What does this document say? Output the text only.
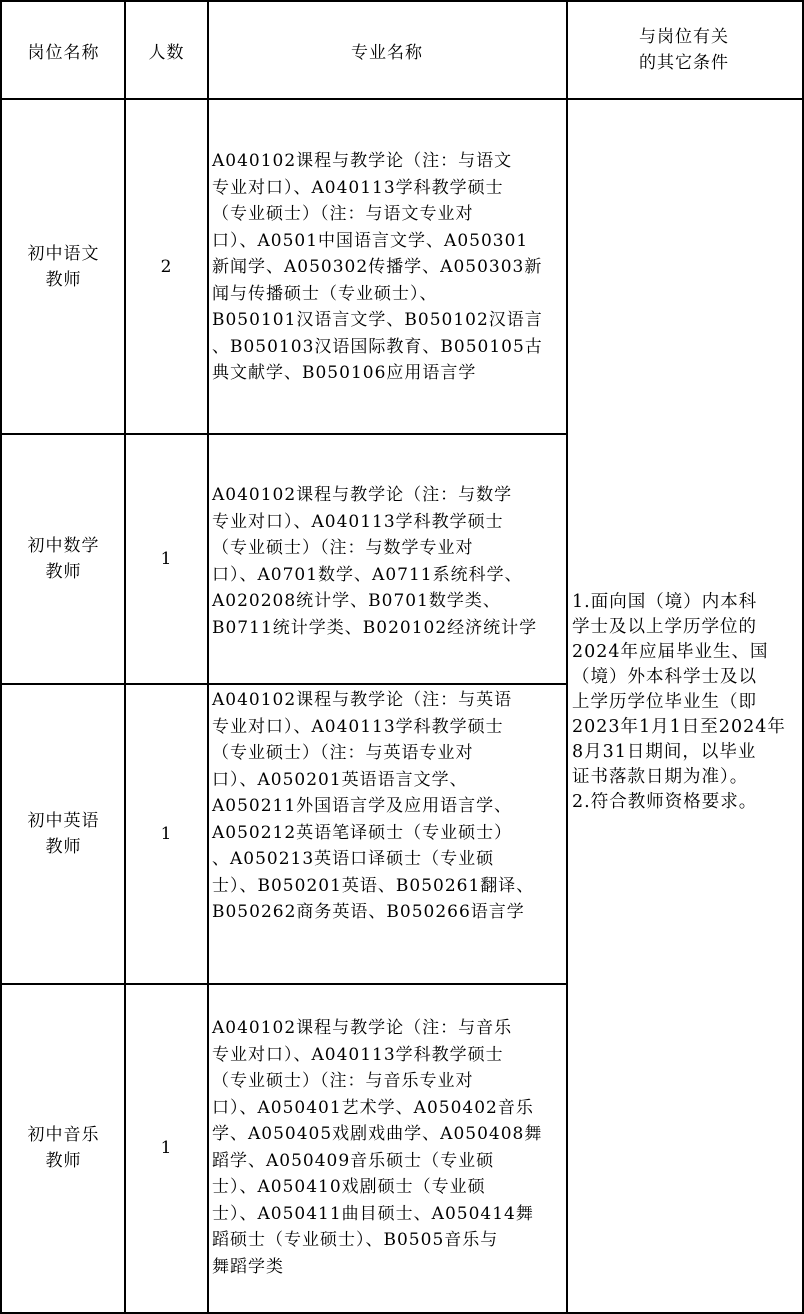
岗位名称	人数	专业名称
与岗位有关
的其它条件
初中语文
教师
2
A040102课程与教学论（注：与语文
专业对口）、A040113学科教学硕士
（专业硕士）（注：与语文专业对
口）、A0501中国语言文学、A050301
新闻学、A050302传播学、A050303新
闻与传播硕士（专业硕士）、
B050101汉语言文学、B050102汉语言
、B050103汉语国际教育、B050105古
典文献学、B050106应用语言学
初中数学
教师
1
A040102课程与教学论（注：与数学
专业对口）、A040113学科教学硕士
（专业硕士）（注：与数学专业对
口）、A0701数学、A0711系统科学、
A020208统计学、B0701数学类、
B0711统计学类、B020102经济统计学
初中英语
教师
1
A040102课程与教学论（注：与英语
专业对口）、A040113学科教学硕士
（专业硕士）（注：与英语专业对
口）、A050201英语语言文学、
A050211外国语言学及应用语言学、
A050212英语笔译硕士（专业硕士）
、A050213英语口译硕士（专业硕
士）、B050201英语、B050261翻译、
B050262商务英语、B050266语言学
初中音乐
教师
1
A040102课程与教学论（注：与音乐
专业对口）、A040113学科教学硕士
（专业硕士）（注：与音乐专业对
口）、A050401艺术学、A050402音乐
学、A050405戏剧戏曲学、A050408舞
蹈学、A050409音乐硕士（专业硕
士）、A050410戏剧硕士（专业硕
士）、A050411曲目硕士、A050414舞
蹈硕士（专业硕士）、B0505音乐与
舞蹈学类
1.面向国（境）内本科
学士及以上学历学位的
2024年应届毕业生、国
（境）外本科学士及以
上学历学位毕业生（即
2023年1月1日至2024年
8月31日期间，以毕业
证书落款日期为准）。
2.符合教师资格要求。
